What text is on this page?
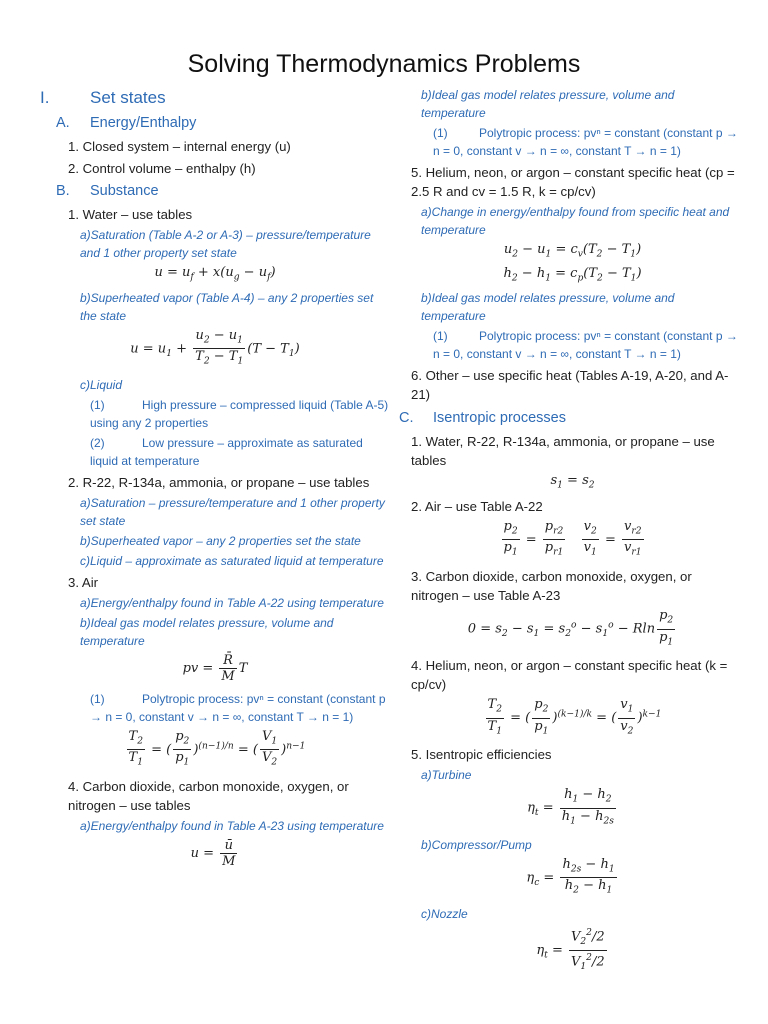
Solving Thermodynamics Problems
I. Set states
A. Energy/Enthalpy
1. Closed system – internal energy (u)
2. Control volume – enthalpy (h)
B. Substance
1. Water – use tables
a)Saturation (Table A-2 or A-3) – pressure/temperature and 1 other property set state
$u = u_f + x(u_g - u_f)$
b)Superheated vapor (Table A-4) – any 2 properties set the state
$u = u_1 + \frac{u_2 - u_1}{T_2 - T_1} (T - T_1)$
c)Liquid
(1)	High pressure – compressed liquid (Table A-5) using any 2 properties
(2)	Low pressure – approximate as saturated liquid at temperature
2. R-22, R-134a, ammonia, or propane – use tables
a)Saturation – pressure/temperature and 1 other property set state
b)Superheated vapor – any 2 properties set the state
c)Liquid – approximate as saturated liquid at temperature
3. Air
a)Energy/enthalpy found in Table A-22 using temperature
b)Ideal gas model relates pressure, volume and temperature
pv = $\frac{R̄}{M}$ T
(1)	Polytropic process: pvⁿ = constant (constant p → n = 0, constant v → n = ∞, constant T → n = 1)
$\frac{T_2}{T_1}$ = ( $\frac{p_2}{p_1} )^{(n-1)/n}$ = ( $\frac{V_1}{V_2} )^{n-1}$
4. Carbon dioxide, carbon monoxide, oxygen, or nitrogen – use tables
a)Energy/enthalpy found in Table A-23 using temperature
$u = \frac{ū}{M}$
b)Ideal gas model relates pressure, volume and temperature
(1)	Polytropic process: pvⁿ = constant (constant p → n = 0, constant v → n = ∞, constant T → n = 1)
5. Helium, neon, or argon – constant specific heat (cp = 2.5 R and cv = 1.5 R, k = cp/cv)
a)Change in energy/enthalpy found from specific heat and temperature
$u_2 - u_1 = c_v(T_2 - T_1)$
$h_2 - h_1 = c_p(T_2 - T_1)$
b)Ideal gas model relates pressure, volume and temperature
(1)	Polytropic process: pvⁿ = constant (constant p → n = 0, constant v → n = ∞, constant T → n = 1)
6. Other – use specific heat (Tables A-19, A-20, and A-21)
C. Isentropic processes
1. Water, R-22, R-134a, ammonia, or propane – use tables
$s_1 = s_2$
2. Air – use Table A-22
$\frac{p_2}{p_1} = \frac{p_{r2}}{p_{r1}}$
$\frac{v_2}{v_1} = \frac{v_{r2}}{v_{r1}}$
3. Carbon dioxide, carbon monoxide, oxygen, or nitrogen – use Table A-23
$0 = s_2 - s_1 = s_2^o - s_1^o - Rln \frac{p_2}{p_1}$
4. Helium, neon, or argon – constant specific heat (k = cp/cv)
$\frac{T_2}{T_1}$ = ( $\frac{p_2}{p_1} )^{(k-1)/k}$ = ( $\frac{v_1}{v_2} )^{k-1}$
5. Isentropic efficiencies
a)Turbine
$\eta_t = \frac{h_1 - h_2}{h_1 - h_{2s}}$
b)Compressor/Pump
$\eta_c = \frac{h_{2s} - h_1}{h_2 - h_1}$
c)Nozzle
$\eta_t = \frac{V_2^2/2}{V_1^2/2}$
